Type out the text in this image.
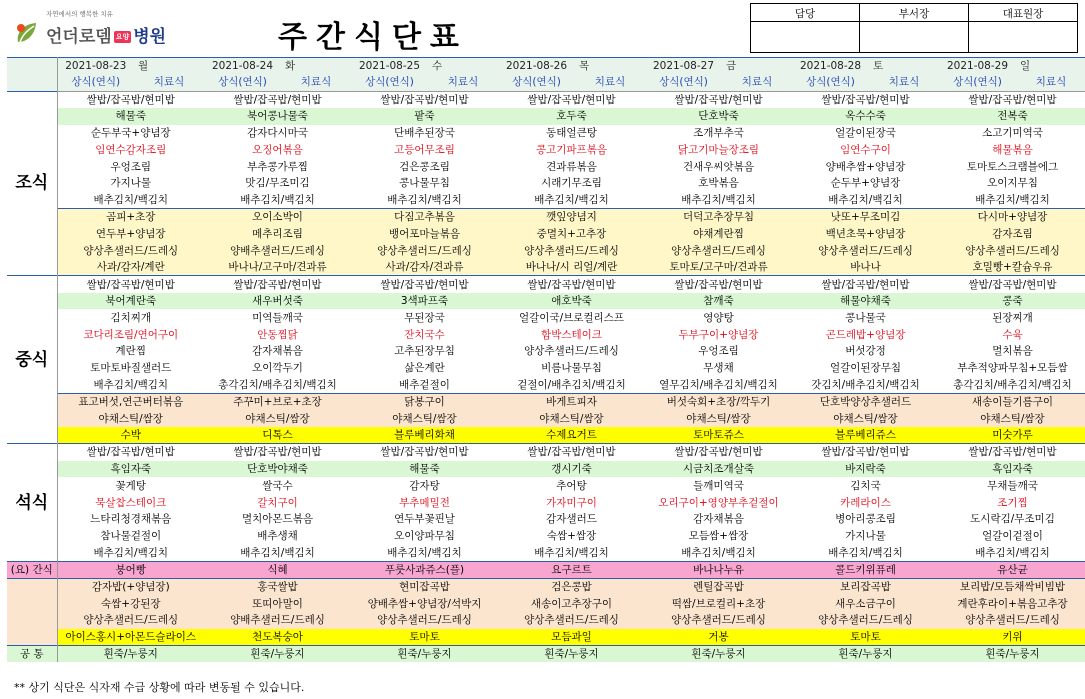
자연에서의 행복한 치유
언더로뎀 요양 병원	주간식단표
담당	부서장	대표원장

	2021-08-23	월	2021-08-24	화	2021-08-25	수	2021-08-26	목	2021-08-27	금	2021-08-28	토	2021-08-29	일
	상식(연식)	치료식	상식(연식)	치료식	상식(연식)	치료식	상식(연식)	치료식	상식(연식)	치료식	상식(연식)	치료식	상식(연식)	치료식
조식	쌀밥/잡곡밥/현미밥		쌀밥/잡곡밥/현미밥		쌀밥/잡곡밥/현미밥		쌀밥/잡곡밥/현미밥		쌀밥/잡곡밥/현미밥		쌀밥/잡곡밥/현미밥		쌀밥/잡곡밥/현미밥	
	해물죽		북어콩나물죽		팥죽		호두죽		단호박죽		옥수수죽		전복죽	
	순두부국+양념장		감자다시마국		단배추된장국		동태얼큰탕		조개부추국		얼갈이된장국		소고기미역국	
	임연수감자조림		오징어볶음		고등어무조림		콩고기파프볶음		닭고기마늘장조림		임연수구이		해물볶음	
	우엉조림		부추콩가루찜		검은콩조림		견과류볶음		건새우씨앗볶음		양배추쌈+양념장		토마토스크램블에그	
	가지나물		맛김/무조미김		콩나물무침		시래기무조림		호박볶음		순두부+양념장		오이지무침	
	배추김치/백김치		배추김치/백김치		배추김치/백김치		배추김치/백김치		배추김치/백김치		배추김치/백김치		배추김치/백김치	
	곰피+초장		오이소박이		다짐고추볶음		깻잎양념지		더덕고추장무침		낫또+무조미김		다시마+양념장	
	연두부+양념장		메추리조림		뱅어포마늘볶음		중멸치+고추장		야채계란찜		백년초묵+양념장		감자조림	
	양상추샐러드/드레싱		양배추샐러드/드레싱		양상추샐러드/드레싱		양상추샐러드/드레싱		양상추샐러드/드레싱		양상추샐러드/드레싱		양상추샐러드/드레싱	
	사과/감자/계란		바나나/고구마/견과류		사과/감자/견과류		바나나/시 리얼/계란		토마토/고구마/견과류		바나나		호밀빵+칼슘우유	
중식	쌀밥/잡곡밥/현미밥		쌀밥/잡곡밥/현미밥		쌀밥/잡곡밥/현미밥		쌀밥/잡곡밥/현미밥		쌀밥/잡곡밥/현미밥		쌀밥/잡곡밥/현미밥		쌀밥/잡곡밥/현미밥	
	북어계란죽		새우버섯죽		3색파프죽		애호박죽		참깨죽		해물야채죽		콩죽	
	김치찌개		미역들깨국		무된장국		얼갈이국/브로컬리스프		영양탕		콩나물국		된장찌개	
	코다리조림/연어구이		안동찜닭		잔치국수		함박스테이크		두부구이+양념장		곤드레밥+양념장		수육	
	계란찜		감자채볶음		고추된장무침		양상추샐러드/드레싱		우엉조림		버섯강정		멸치볶음	
	토마토바질샐러드		오이깍두기		삶은계란		비름나물무침		무생채		얼갈이된장무침		부추적양파무침+모듬쌈	
	배추김치/백김치		총각김치/배추김치/백김치		배추겉절이		겉절이/배추김치/백김치		열무김치/배추김치/백김치		갓김치/배추김치/백김치		총각김치/배추김치/백김치	
	표고버섯,연근버터볶음		주꾸미+브로+초장		닭봉구이		바게트피자		버섯숙회+초장/깍두기		단호박양상추샐러드		새송이들기름구이	
	야채스틱/쌈장		야채스틱/쌈장		야채스틱/쌈장		야채스틱/쌈장		야채스틱/쌈장		야채스틱/쌈장		야채스틱/쌈장	
	수박		디톡스		블루베리화채		수제요거트		토마토쥬스		블루베리쥬스		미숫가루	
석식	쌀밥/잡곡밥/현미밥		쌀밥/잡곡밥/현미밥		쌀밥/잡곡밥/현미밥		쌀밥/잡곡밥/현미밥		쌀밥/잡곡밥/현미밥		쌀밥/잡곡밥/현미밥		쌀밥/잡곡밥/현미밥	
	흑임자죽		단호박야채죽		해물죽		갱시기죽		시금치조개살죽		바지락죽		흑임자죽	
	꽃게탕		쌀국수		감자탕		추어탕		들깨미역국		김치국		무채들깨국	
	묵살찹스테이크		갈치구이		부추메밀전		가자미구이		오리구이+영양부추겉절이		카레라이스		조기찜	
	느타리청경채볶음		멸치아몬드볶음		연두부꽃핀날		감자샐러드		감자채볶음		병아리콩조림		도시락김/무조미김	
	참나물겉절이		배추생채		오이양파무침		숙쌈+쌈장		모듬쌈+쌈장		가지나물		얼갈이겉절이	
	배추김치/백김치		배추김치/백김치		배추김치/백김치		배추김치/백김치		배추김치/백김치		배추김치/백김치		배추김치/백김치	
(요) 간식	붕어빵		식혜		푸룻사과쥬스(플)		요구르트		바나나누유		콜드키위퓨레		유산균	
	감자밥(+양념장)		홍국쌀밥		현미잡곡밥		검은콩밥		렌틸잡곡밥		보리잡곡밥		보리밥/모듬채싹비빔밥	
	숙쌈+강된장		또띠아말이		양배추쌈+양념장/석박지		새송이고추장구이		떡쌈/브로컬리+초장		새우소금구이		계란후라이+볶음고추장	
	양상추샐러드/드레싱		양배추샐러드/드레싱		양상추샐러드/드레싱		양상추샐러드/드레싱		양상추샐러드/드레싱		양상추샐러드/드레싱		양상추샐러드/드레싱	
	아이스홍시+아몬드슬라이스		천도복숭아		토마토		모듬과일		거봉		토마토		키위	
공 통	흰죽/누룽지		흰죽/누룽지		흰죽/누룽지		흰죽/누룽지		흰죽/누룽지		흰죽/누룽지		흰죽/누룽지	
** 상기 식단은 식자재 수급 상황에 따라 변동될 수 있습니다.
